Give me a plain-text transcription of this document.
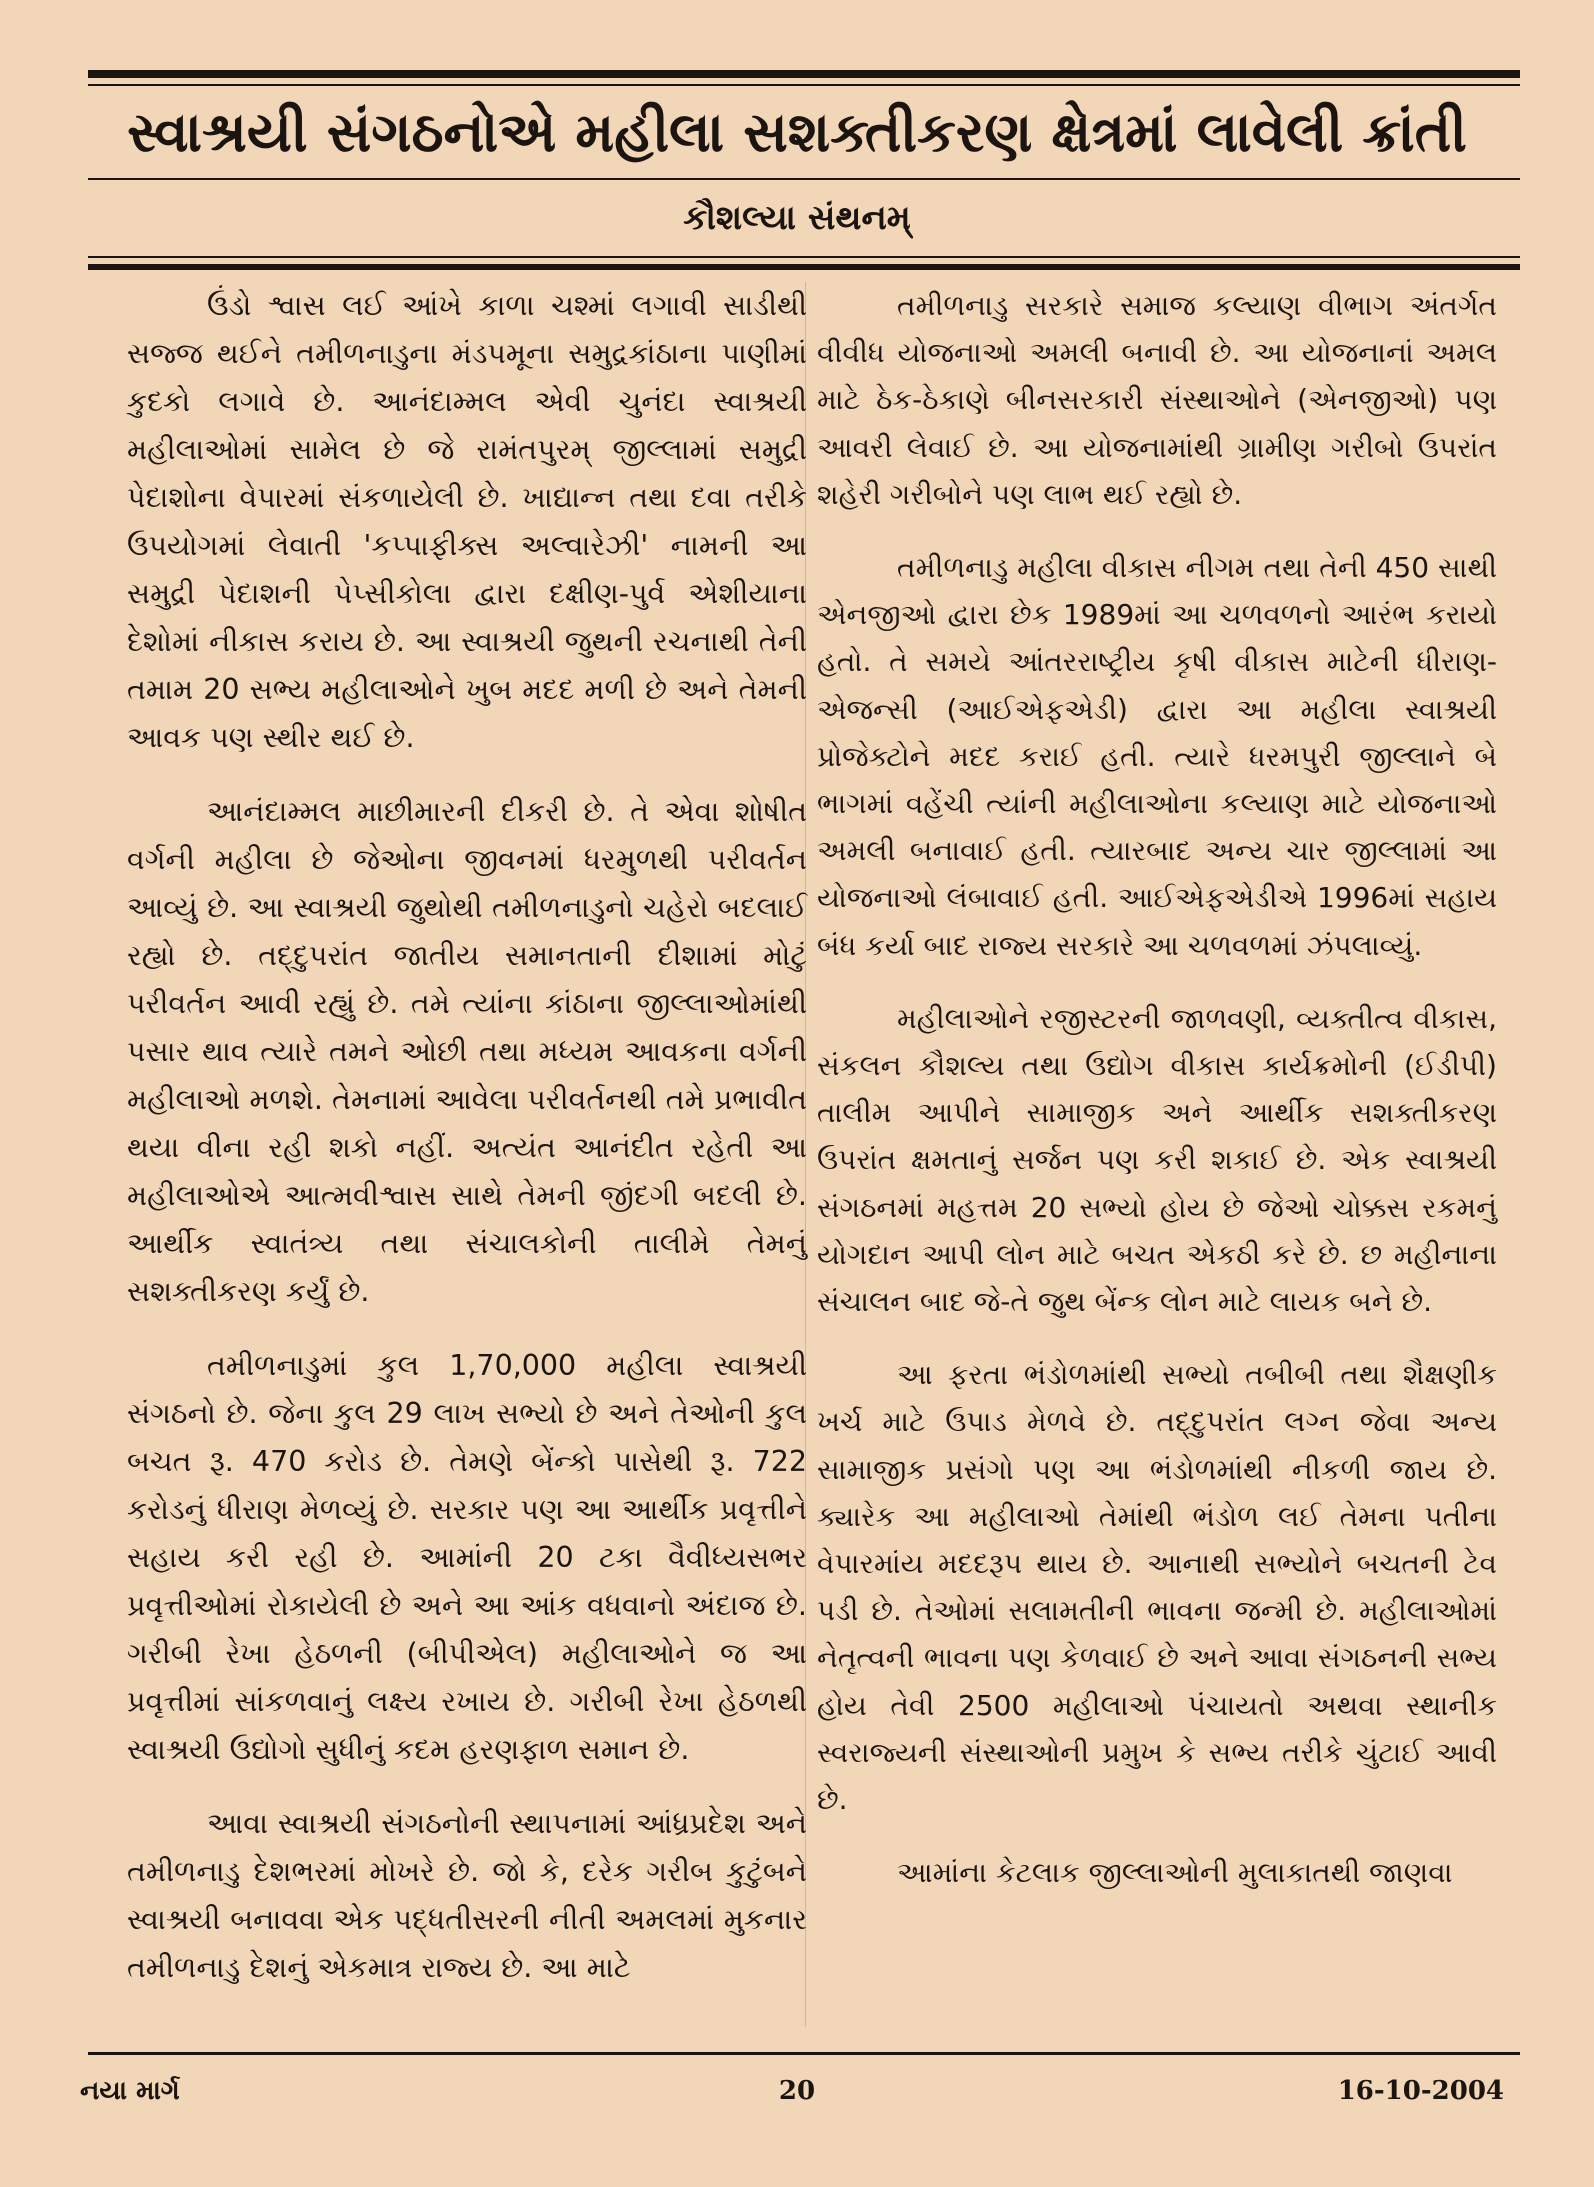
સ્વાશ્રયી સંગઠનોએ મહીલા સશક્તીકરણ ક્ષેત્રમાં લાવેલી ક્રાંતી
કૌશલ્યા સંથનમ્

ઉંડો શ્વાસ લઈ આંખે કાળા ચશ્માં લગાવી સાડીથી સજ્જ થઈને તમીળનાડુના મંડપમૂના સમુદ્રકાંઠાના પાણીમાં કુદકો લગાવે છે. આનંદામ્મલ એવી ચુનંદા સ્વાશ્રયી મહીલાઓમાં સામેલ છે જે રામંતપુરમ્ જીલ્લામાં સમુદ્રી પેદાશોના વેપારમાં સંકળાયેલી છે. ખાદ્યાન્ન તથા દવા તરીકે ઉપયોગમાં લેવાતી 'કપ્પાફીક્સ અલ્વારેઝી' નામની આ સમુદ્રી પેદાશની પેપ્સીકોલા દ્વારા દક્ષીણ-પુર્વ એશીયાના દેશોમાં નીકાસ કરાય છે. આ સ્વાશ્રયી જુથની રચનાથી તેની તમામ 20 સભ્ય મહીલાઓને ખુબ મદદ મળી છે અને તેમની આવક પણ સ્થીર થઈ છે.

આનંદામ્મલ માછીમારની દીકરી છે. તે એવા શોષીત વર્ગની મહીલા છે જેઓના જીવનમાં ધરમુળથી પરીવર્તન આવ્યું છે. આ સ્વાશ્રયી જુથોથી તમીળનાડુનો ચહેરો બદલાઈ રહ્યો છે. તદ્દુપરાંત જાતીય સમાનતાની દીશામાં મોટું પરીવર્તન આવી રહ્યું છે. તમે ત્યાંના કાંઠાના જીલ્લાઓમાંથી પસાર થાવ ત્યારે તમને ઓછી તથા મધ્યમ આવકના વર્ગની મહીલાઓ મળશે. તેમનામાં આવેલા પરીવર્તનથી તમે પ્રભાવીત થયા વીના રહી શકો નહીં. અત્યંત આનંદીત રહેતી આ મહીલાઓએ આત્મવીશ્વાસ સાથે તેમની જીંદગી બદલી છે. આર્થીક સ્વાતંત્ર્ય તથા સંચાલકોની તાલીમે તેમનું સશક્તીકરણ કર્યું છે.

તમીળનાડુમાં કુલ 1,70,000 મહીલા સ્વાશ્રયી સંગઠનો છે. જેના કુલ 29 લાખ સભ્યો છે અને તેઓની કુલ બચત રૂ. 470 કરોડ છે. તેમણે બેંન્કો પાસેથી રૂ. 722 કરોડનું ધીરાણ મેળવ્યું છે. સરકાર પણ આ આર્થીક પ્રવૃત્તીને સહાય કરી રહી છે. આમાંની 20 ટકા વૈવીધ્યસભર પ્રવૃત્તીઓમાં રોકાયેલી છે અને આ આંક વધવાનો અંદાજ છે. ગરીબી રેખા હેઠળની (બીપીએલ) મહીલાઓને જ આ પ્રવૃત્તીમાં સાંકળવાનું લક્ષ્ય રખાય છે. ગરીબી રેખા હેઠળથી સ્વાશ્રયી ઉદ્યોગો સુધીનું કદમ હરણફાળ સમાન છે.

આવા સ્વાશ્રયી સંગઠનોની સ્થાપનામાં આંધ્રપ્રદેશ અને તમીળનાડુ દેશભરમાં મોખરે છે. જો કે, દરેક ગરીબ કુટુંબને સ્વાશ્રયી બનાવવા એક પદ્ધતીસરની નીતી અમલમાં મુકનાર તમીળનાડુ દેશનું એકમાત્ર રાજ્ય છે. આ માટે

તમીળનાડુ સરકારે સમાજ કલ્યાણ વીભાગ અંતર્ગત વીવીધ યોજનાઓ અમલી બનાવી છે. આ યોજનાનાં અમલ માટે ઠેક-ઠેકાણે બીનસરકારી સંસ્થાઓને (એનજીઓ) પણ આવરી લેવાઈ છે. આ યોજનામાંથી ગ્રામીણ ગરીબો ઉપરાંત શહેરી ગરીબોને પણ લાભ થઈ રહ્યો છે.

તમીળનાડુ મહીલા વીકાસ નીગમ તથા તેની 450 સાથી એનજીઓ દ્વારા છેક 1989માં આ ચળવળનો આરંભ કરાયો હતો. તે સમયે આંતરરાષ્ટ્રીય કૃષી વીકાસ માટેની ધીરાણ- એજન્સી (આઈએફએડી) દ્વારા આ મહીલા સ્વાશ્રયી પ્રોજેક્ટોને મદદ કરાઈ હતી. ત્યારે ધરમપુરી જીલ્લાને બે ભાગમાં વહેંચી ત્યાંની મહીલાઓના કલ્યાણ માટે યોજનાઓ અમલી બનાવાઈ હતી. ત્યારબાદ અન્ય ચાર જીલ્લામાં આ યોજનાઓ લંબાવાઈ હતી. આઈએફએડીએ 1996માં સહાય બંધ કર્યા બાદ રાજ્ય સરકારે આ ચળવળમાં ઝંપલાવ્યું.

મહીલાઓને રજીસ્ટરની જાળવણી, વ્યક્તીત્વ વીકાસ, સંકલન કૌશલ્ય તથા ઉદ્યોગ વીકાસ કાર્યક્રમોની (ઈડીપી) તાલીમ આપીને સામાજીક અને આર્થીક સશક્તીકરણ ઉપરાંત ક્ષમતાનું સર્જન પણ કરી શકાઈ છે. એક સ્વાશ્રયી સંગઠનમાં મહત્તમ 20 સભ્યો હોય છે જેઓ ચોક્કસ રકમનું યોગદાન આપી લોન માટે બચત એકઠી કરે છે. છ મહીનાના સંચાલન બાદ જે-તે જુથ બેંન્ક લોન માટે લાયક બને છે.

આ ફરતા ભંડોળમાંથી સભ્યો તબીબી તથા શૈક્ષણીક ખર્ચ માટે ઉપાડ મેળવે છે. તદ્દુપરાંત લગ્ન જેવા અન્ય સામાજીક પ્રસંગો પણ આ ભંડોળમાંથી નીકળી જાય છે. ક્યારેક આ મહીલાઓ તેમાંથી ભંડોળ લઈ તેમના પતીના વેપારમાંય મદદરૂપ થાય છે. આનાથી સભ્યોને બચતની ટેવ પડી છે. તેઓમાં સલામતીની ભાવના જન્મી છે. મહીલાઓમાં નેતૃત્વની ભાવના પણ કેળવાઈ છે અને આવા સંગઠનની સભ્ય હોય તેવી 2500 મહીલાઓ પંચાયતો અથવા સ્થાનીક સ્વરાજ્યની સંસ્થાઓની પ્રમુખ કે સભ્ય તરીકે ચુંટાઈ આવી છે.

આમાંના કેટલાક જીલ્લાઓની મુલાકાતથી જાણવા

નયા માર્ગ	20	16-10-2004
